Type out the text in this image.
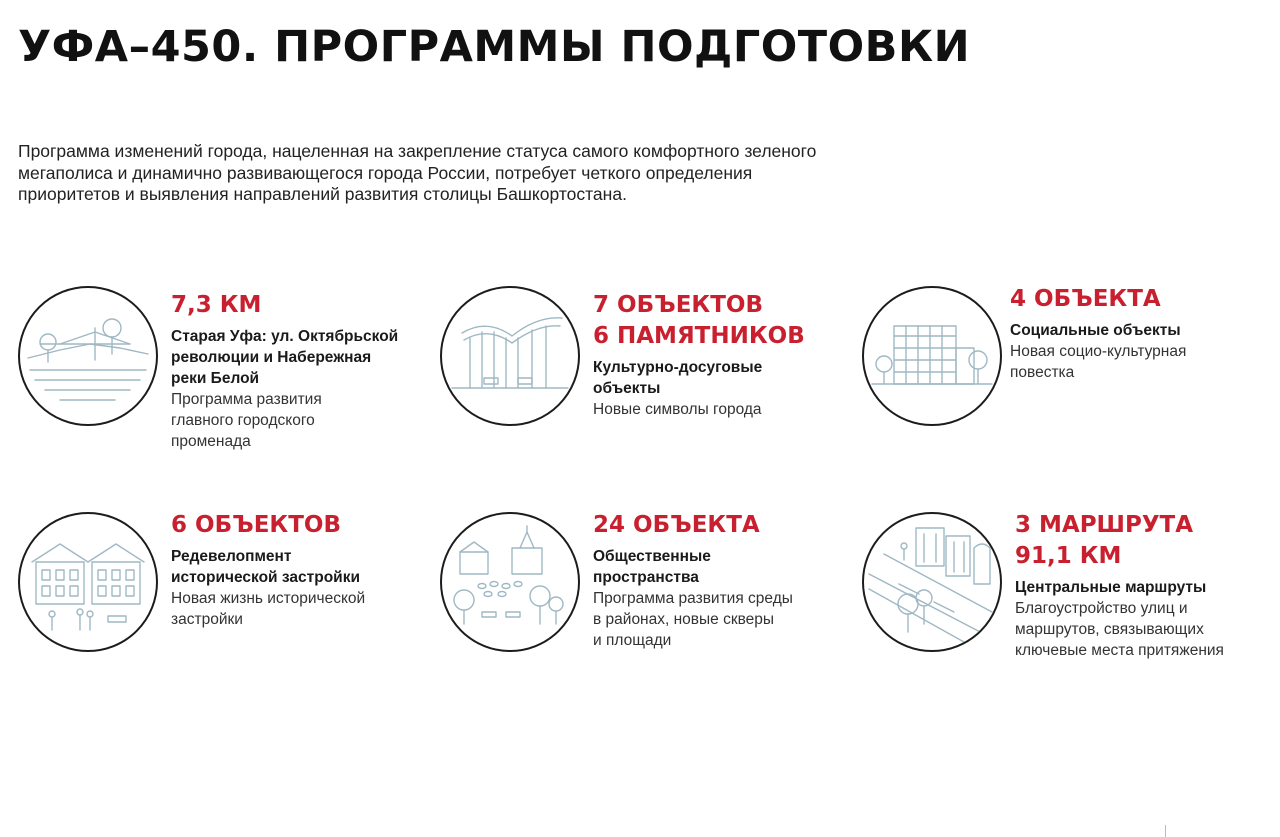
УФА–450. ПРОГРАММЫ ПОДГОТОВКИ
Программа изменений города, нацеленная на закрепление статуса самого комфортного зеленого мегаполиса и динамично развивающегося города России, потребует четкого определения приоритетов и выявления направлений развития столицы Башкортостана.
7,3 КМ
Старая Уфа: ул. Октябрьской
революции и Набережная
реки Белой
Программа развития
главного городского
променада
7 ОБЪЕКТОВ
6 ПАМЯТНИКОВ
Культурно-досуговые
объекты
Новые символы города
4 ОБЪЕКТА
Социальные объекты
Новая социо-культурная
повестка
6 ОБЪЕКТОВ
Редевелопмент
исторической застройки
Новая жизнь исторической
застройки
24 ОБЪЕКТА
Общественные
пространства
Программа развития среды
в районах, новые скверы
и площади
3 МАРШРУТА
91,1 КМ
Центральные маршруты
Благоустройство улиц и
маршрутов, связывающих
ключевые места притяжения
